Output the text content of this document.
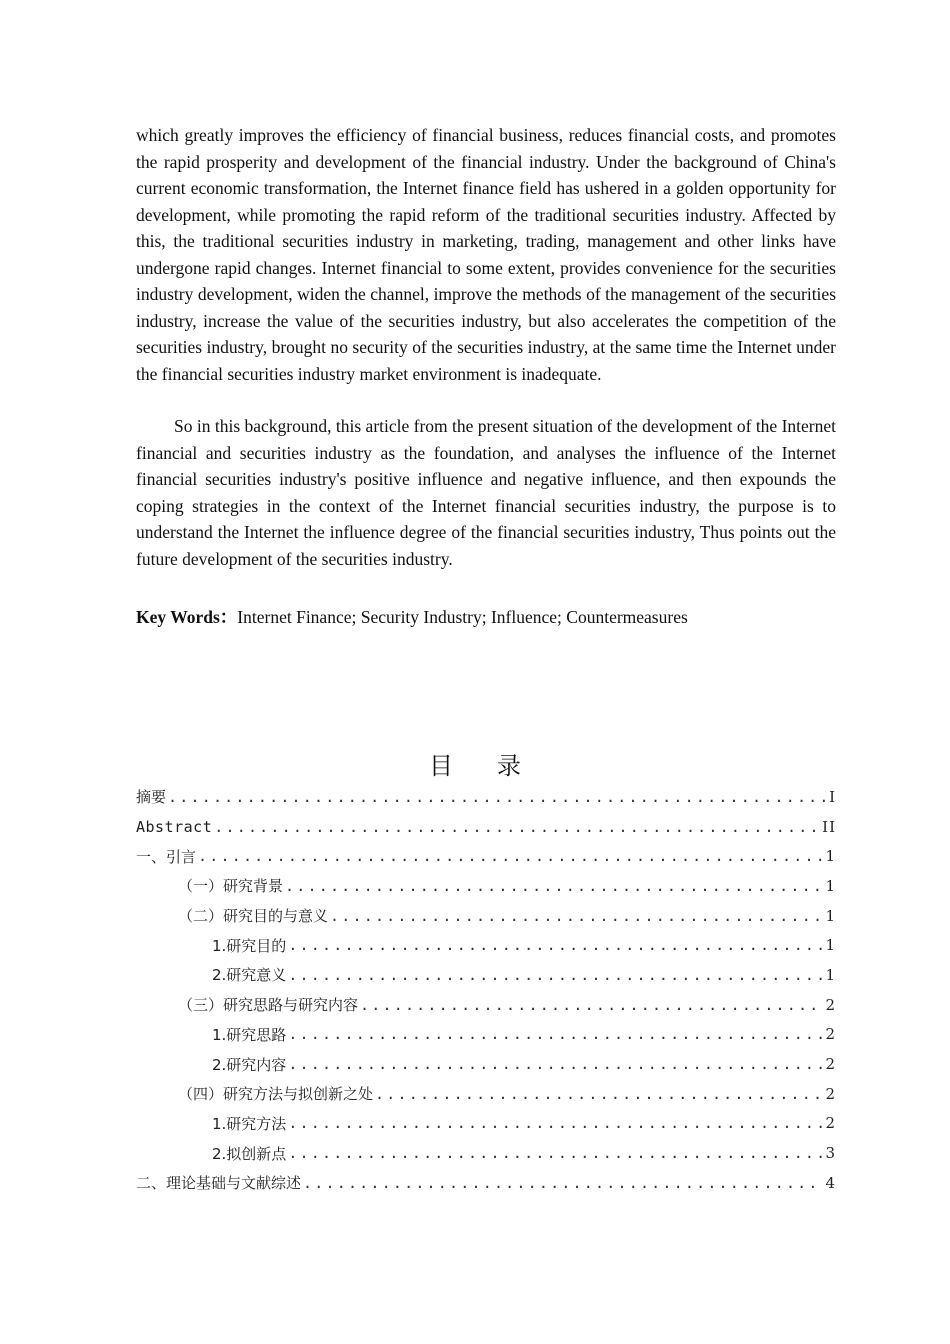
which greatly improves the efficiency of financial business, reduces financial costs, and promotes the rapid prosperity and development of the financial industry. Under the background of China's current economic transformation, the Internet finance field has ushered in a golden opportunity for development, while promoting the rapid reform of the traditional securities industry. Affected by this, the traditional securities industry in marketing, trading, management and other links have undergone rapid changes. Internet financial to some extent, provides convenience for the securities industry development, widen the channel, improve the methods of the management of the securities industry, increase the value of the securities industry, but also accelerates the competition of the securities industry, brought no security of the securities industry, at the same time the Internet under the financial securities industry market environment is inadequate.
So in this background, this article from the present situation of the development of the Internet financial and securities industry as the foundation, and analyses the influence of the Internet financial securities industry's positive influence and negative influence, and then expounds the coping strategies in the context of the Internet financial securities industry, the purpose is to understand the Internet the influence degree of the financial securities industry, Thus points out the future development of the securities industry.
Key Words：Internet Finance; Security Industry; Influence; Countermeasures
目录
摘要 .....	I
Abstract .....	II
一、引言 .....	1
（一）研究背景 .....	1
（二）研究目的与意义 .....	1
1.研究目的 .....	1
2.研究意义 .....	1
（三）研究思路与研究内容 .....	2
1.研究思路 .....	2
2.研究内容 .....	2
（四）研究方法与拟创新之处 .....	2
1.研究方法 .....	2
2.拟创新点 .....	3
二、理论基础与文献综述 .....	4
